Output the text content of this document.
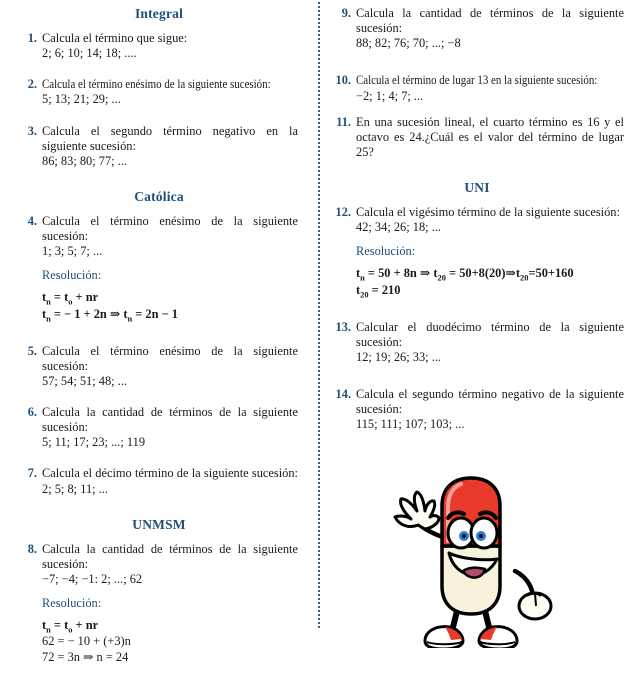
Integral
1. Calcula el término que sigue:

2; 6; 10; 14; 18; ....

2. Calcula el término enésimo de la siguiente sucesión:

5; 13; 21; 29; ...

3. Calcula el segundo término negativo en la siguiente sucesión:

86; 83; 80; 77; ...

Católica
4. Calcula el término enésimo de la siguiente sucesión:

1; 3; 5; 7; ...

Resolución:

$t_n = t_o$ + nr

$t_n$ = − 1 + 2n ⇒ $t_n = 2n - 1$

5. Calcula el término enésimo de la siguiente sucesión:

57; 54; 51; 48; ...

6. Calcula la cantidad de términos de la siguiente sucesión:

5; 11; 17; 23; ...; 119

7. Calcula el décimo término de la siguiente sucesión: 2; 5; 8; 11; ...

UNMSM
8. Calcula la cantidad de términos de la siguiente sucesión:

−7; −4; −1: 2; ...; 62

Resolución:

$t_n = t_o$ + nr

62 = − 10 + (+3)n

72 = 3n ⇒ n = 24

9. Calcula la cantidad de términos de la siguiente sucesión:

88; 82; 76; 70; ...; −8

10. Calcula el término de lugar 13 en la siguiente sucesión:

−2; 1; 4; 7; ...

11. En una sucesión lineal, el cuarto término es 16 y el octavo es 24.¿Cuál es el valor del término de lugar 25?

UNI
12. Calcula el vigésimo término de la siguiente sucesión:

42; 34; 26; 18; ...

Resolución:

$t_n = 50 + 8n$ ⇒ $t_{20}$ = $50+8(20)\Rightarrow t_{20}=50+160$

$t_{20} = 210$

13. Calcular el duodécimo término de la siguiente sucesión:

12; 19; 26; 33; ...

14. Calcula el segundo término negativo de la siguiente sucesión:

115; 111; 107; 103; ...
